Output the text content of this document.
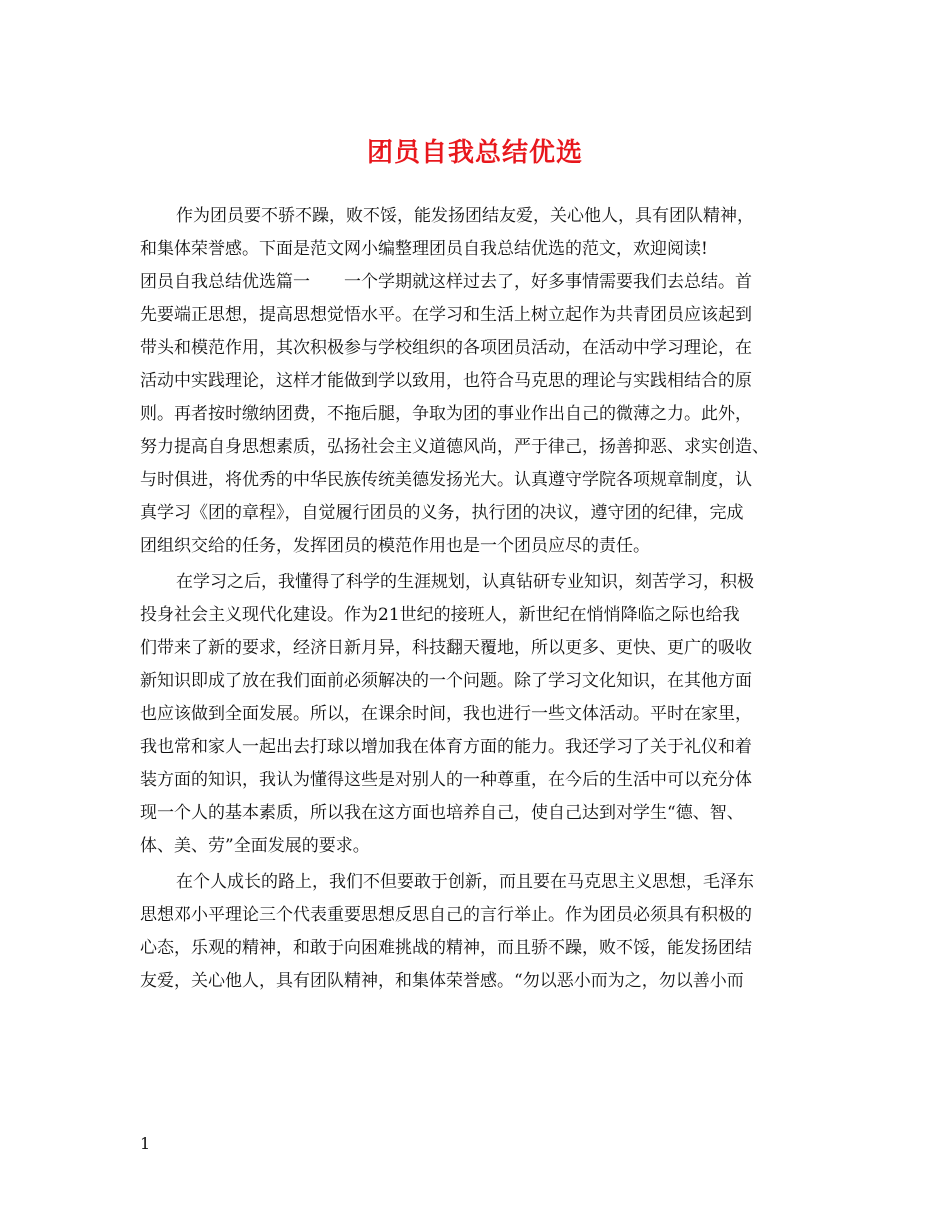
团员自我总结优选
作为团员要不骄不躁，败不馁，能发扬团结友爱，关心他人，具有团队精神，
和集体荣誉感。下面是范文网小编整理团员自我总结优选的范文，欢迎阅读!
团员自我总结优选篇一　　一个学期就这样过去了，好多事情需要我们去总结。首
先要端正思想，提高思想觉悟水平。在学习和生活上树立起作为共青团员应该起到
带头和模范作用，其次积极参与学校组织的各项团员活动，在活动中学习理论，在
活动中实践理论，这样才能做到学以致用，也符合马克思的理论与实践相结合的原
则。再者按时缴纳团费，不拖后腿，争取为团的事业作出自己的微薄之力。此外，
努力提高自身思想素质，弘扬社会主义道德风尚，严于律己，扬善抑恶、求实创造、
与时俱进，将优秀的中华民族传统美德发扬光大。认真遵守学院各项规章制度，认
真学习《团的章程》，自觉履行团员的义务，执行团的决议，遵守团的纪律，完成
团组织交给的任务，发挥团员的模范作用也是一个团员应尽的责任。
在学习之后，我懂得了科学的生涯规划，认真钻研专业知识，刻苦学习，积极
投身社会主义现代化建设。作为21世纪的接班人，新世纪在悄悄降临之际也给我
们带来了新的要求，经济日新月异，科技翻天覆地，所以更多、更快、更广的吸收
新知识即成了放在我们面前必须解决的一个问题。除了学习文化知识，在其他方面
也应该做到全面发展。所以，在课余时间，我也进行一些文体活动。平时在家里，
我也常和家人一起出去打球以增加我在体育方面的能力。我还学习了关于礼仪和着
装方面的知识，我认为懂得这些是对别人的一种尊重，在今后的生活中可以充分体
现一个人的基本素质，所以我在这方面也培养自己，使自己达到对学生“德、智、
体、美、劳”全面发展的要求。
在个人成长的路上，我们不但要敢于创新，而且要在马克思主义思想，毛泽东
思想邓小平理论三个代表重要思想反思自己的言行举止。作为团员必须具有积极的
心态，乐观的精神，和敢于向困难挑战的精神，而且骄不躁，败不馁，能发扬团结
友爱，关心他人，具有团队精神，和集体荣誉感。“勿以恶小而为之，勿以善小而
1
